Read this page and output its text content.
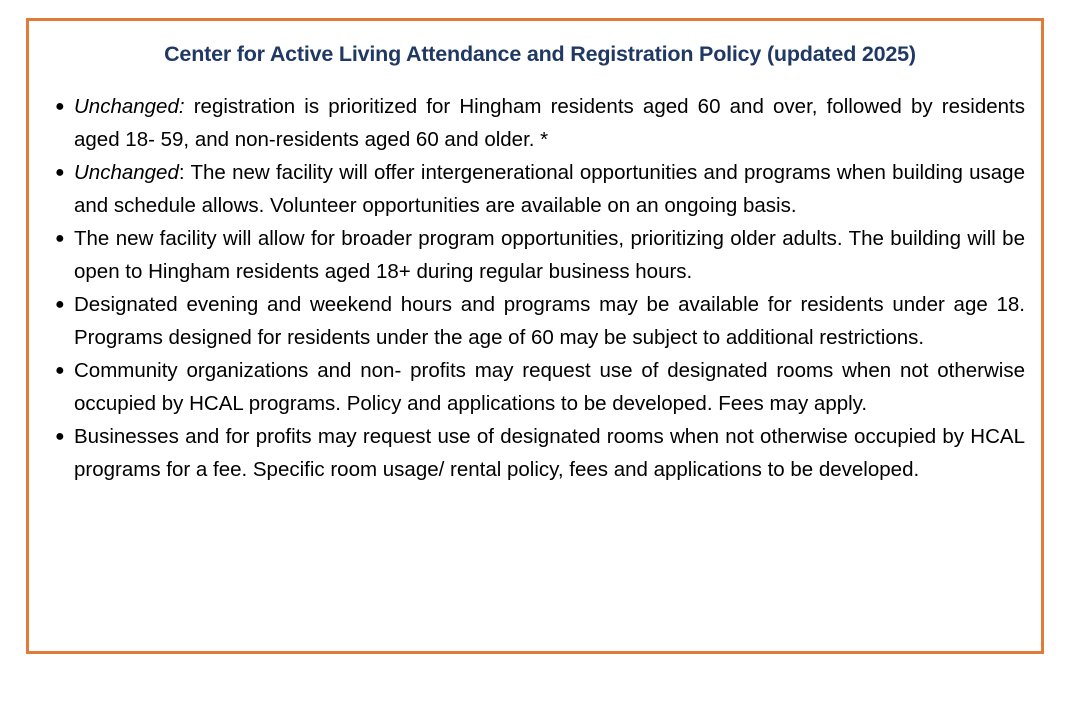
Center for Active Living Attendance and Registration Policy (updated 2025)
● Unchanged: registration is prioritized for Hingham residents aged 60 and over, followed by residents aged 18- 59, and non-residents aged 60 and older. *
● Unchanged: The new facility will offer intergenerational opportunities and programs when building usage and schedule allows. Volunteer opportunities are available on an ongoing basis.
● The new facility will allow for broader program opportunities, prioritizing older adults. The building will be open to Hingham residents aged 18+ during regular business hours.
● Designated evening and weekend hours and programs may be available for residents under age 18. Programs designed for residents under the age of 60 may be subject to additional restrictions.
● Community organizations and non- profits may request use of designated rooms when not otherwise occupied by HCAL programs. Policy and applications to be developed. Fees may apply.
● Businesses and for profits may request use of designated rooms when not otherwise occupied by HCAL programs for a fee. Specific room usage/ rental policy, fees and applications to be developed.
